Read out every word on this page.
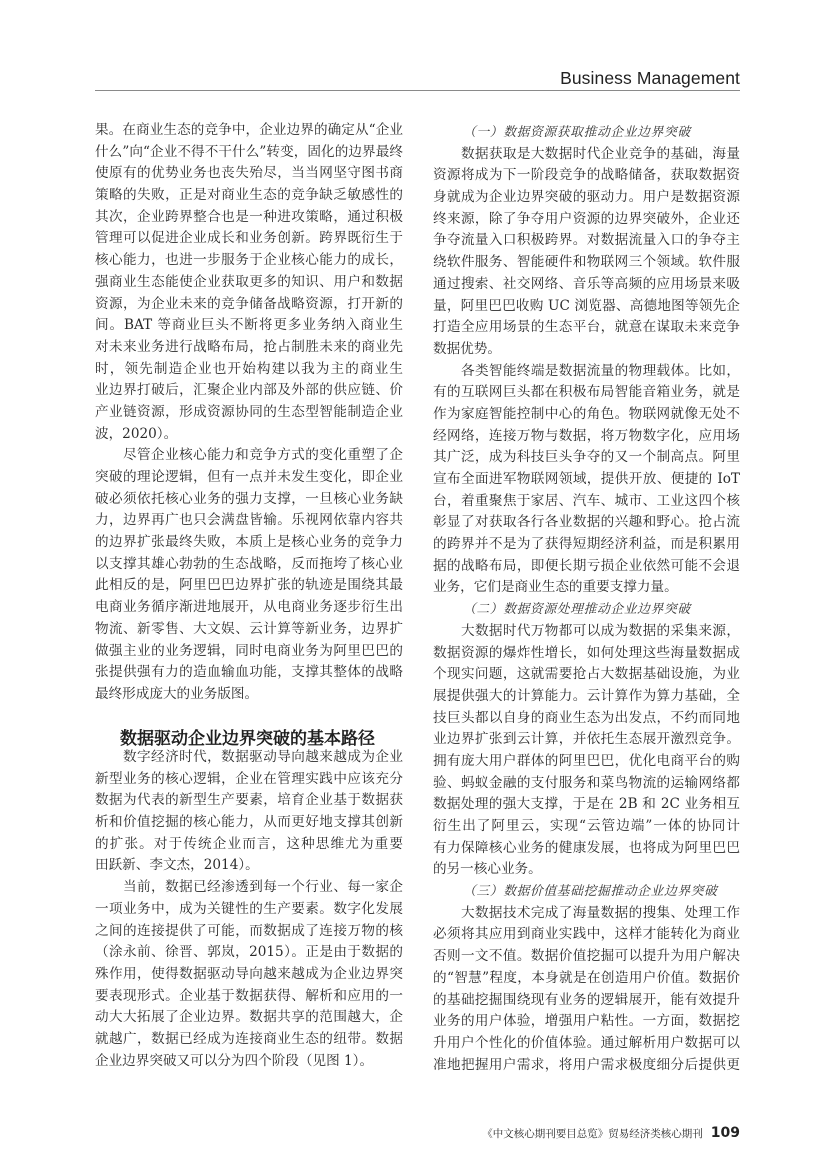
Business Management
果。在商业生态的竞争中，企业边界的确定从“企业
什么”向“企业不得不干什么”转变，固化的边界最终
使原有的优势业务也丧失殆尽，当当网坚守图书商
策略的失败，正是对商业生态的竞争缺乏敏感性的
其次，企业跨界整合也是一种进攻策略，通过积极
管理可以促进企业成长和业务创新。跨界既衍生于
核心能力，也进一步服务于企业核心能力的成长，
强商业生态能使企业获取更多的知识、用户和数据
资源，为企业未来的竞争储备战略资源，打开新的
间。BAT 等商业巨头不断将更多业务纳入商业生
对未来业务进行战略布局，抢占制胜未来的商业先
时，领先制造企业也开始构建以我为主的商业生
业边界打破后，汇聚企业内部及外部的供应链、价
产业链资源，形成资源协同的生态型智能制造企业
波，2020）。
尽管企业核心能力和竞争方式的变化重塑了企
突破的理论逻辑，但有一点并未发生变化，即企业
破必须依托核心业务的强力支撑，一旦核心业务缺
力，边界再广也只会满盘皆输。乐视网依靠内容共
的边界扩张最终失败，本质上是核心业务的竞争力
以支撑其雄心勃勃的生态战略，反而拖垮了核心业
此相反的是，阿里巴巴边界扩张的轨迹是围绕其最
电商业务循序渐进地展开，从电商业务逐步衍生出
物流、新零售、大文娱、云计算等新业务，边界扩
做强主业的业务逻辑，同时电商业务为阿里巴巴的
张提供强有力的造血输血功能，支撑其整体的战略
最终形成庞大的业务版图。
数据驱动企业边界突破的基本路径
数字经济时代，数据驱动导向越来越成为企业
新型业务的核心逻辑，企业在管理实践中应该充分
数据为代表的新型生产要素，培育企业基于数据获
析和价值挖掘的核心能力，从而更好地支撑其创新
的扩张。对于传统企业而言，这种思维尤为重要
田跃新、李文杰，2014）。
当前，数据已经渗透到每一个行业、每一家企
一项业务中，成为关键性的生产要素。数字化发展
之间的连接提供了可能，而数据成了连接万物的核
（涂永前、徐晋、郭岚，2015）。正是由于数据的
殊作用，使得数据驱动导向越来越成为企业边界突
要表现形式。企业基于数据获得、解析和应用的一
动大大拓展了企业边界。数据共享的范围越大，企
就越广，数据已经成为连接商业生态的纽带。数据
企业边界突破又可以分为四个阶段（见图 1）。
（一）数据资源获取推动企业边界突破
数据获取是大数据时代企业竞争的基础，海量
资源将成为下一阶段竞争的战略储备，获取数据资
身就成为企业边界突破的驱动力。用户是数据资源
终来源，除了争夺用户资源的边界突破外，企业还
争夺流量入口积极跨界。对数据流量入口的争夺主
绕软件服务、智能硬件和物联网三个领域。软件服
通过搜索、社交网络、音乐等高频的应用场景来吸
量，阿里巴巴收购 UC 浏览器、高德地图等领先企
打造全应用场景的生态平台，就意在谋取未来竞争
数据优势。
各类智能终端是数据流量的物理载体。比如，
有的互联网巨头都在积极布局智能音箱业务，就是
作为家庭智能控制中心的角色。物联网就像无处不
经网络，连接万物与数据，将万物数字化，应用场
其广泛，成为科技巨头争夺的又一个制高点。阿里
宣布全面进军物联网领域，提供开放、便捷的 IoT
台，着重聚焦于家居、汽车、城市、工业这四个核
彰显了对获取各行各业数据的兴趣和野心。抢占流
的跨界并不是为了获得短期经济利益，而是积累用
据的战略布局，即便长期亏损企业依然可能不会退
业务，它们是商业生态的重要支撑力量。
（二）数据资源处理推动企业边界突破
大数据时代万物都可以成为数据的采集来源，
数据资源的爆炸性增长，如何处理这些海量数据成
个现实问题，这就需要抢占大数据基础设施，为业
展提供强大的计算能力。云计算作为算力基础，全
技巨头都以自身的商业生态为出发点，不约而同地
业边界扩张到云计算，并依托生态展开激烈竞争。
拥有庞大用户群体的阿里巴巴，优化电商平台的购
验、蚂蚁金融的支付服务和菜鸟物流的运输网络都
数据处理的强大支撑，于是在 2B 和 2C 业务相互
衍生出了阿里云，实现“云管边端”一体的协同计
有力保障核心业务的健康发展，也将成为阿里巴巴
的另一核心业务。
（三）数据价值基础挖掘推动企业边界突破
大数据技术完成了海量数据的搜集、处理工作
必须将其应用到商业实践中，这样才能转化为商业
否则一文不值。数据价值挖掘可以提升为用户解决
的“智慧”程度，本身就是在创造用户价值。数据价
的基础挖掘围绕现有业务的逻辑展开，能有效提升
业务的用户体验，增强用户粘性。一方面，数据挖
升用户个性化的价值体验。通过解析用户数据可以
准地把握用户需求，将用户需求极度细分后提供更
《中文核心期刊要目总览》贸易经济类核心期刊 109
